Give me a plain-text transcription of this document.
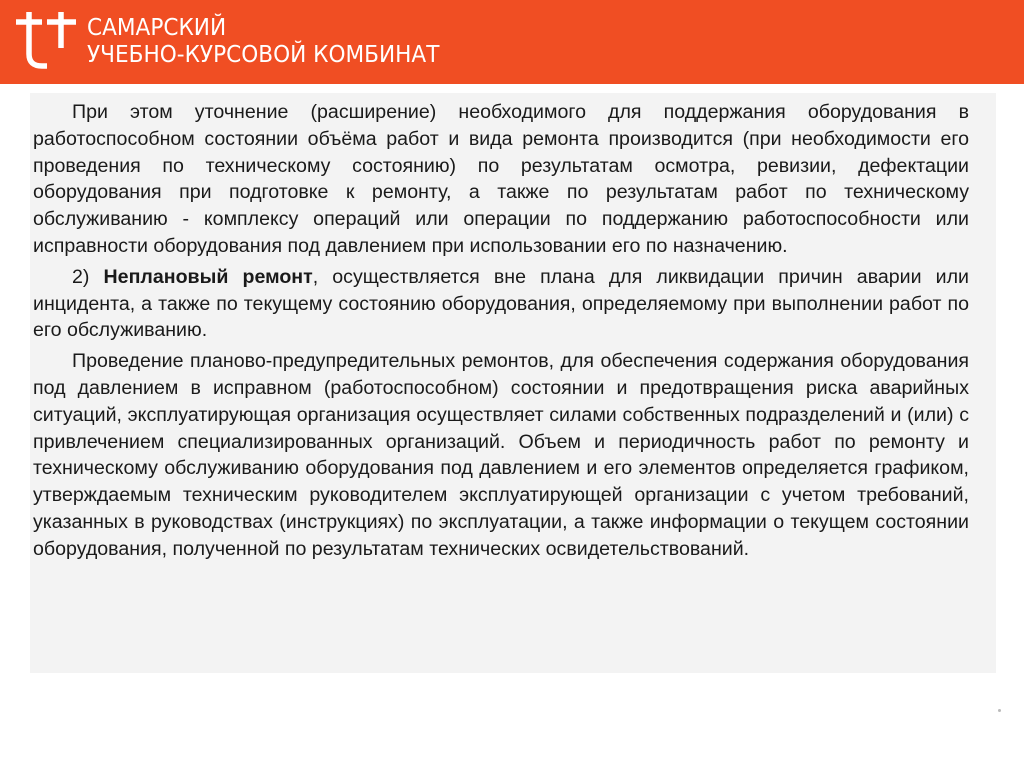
САМАРСКИЙ
УЧЕБНО-КУРСОВОЙ КОМБИНАТ

При этом уточнение (расширение) необходимого для поддержания оборудования в работоспособном состоянии объёма работ и вида ремонта производится (при необходимости его проведения по техническому состоянию) по результатам осмотра, ревизии, дефектации оборудования при подготовке к ремонту, а также по результатам работ по техническому обслуживанию - комплексу операций или операции по поддержанию работоспособности или исправности оборудования под давлением при использовании его по назначению.

2) Неплановый ремонт, осуществляется вне плана для ликвидации причин аварии или инцидента, а также по текущему состоянию оборудования, определяемому при выполнении работ по его обслуживанию.

Проведение планово-предупредительных ремонтов, для обеспечения содержания оборудования под давлением в исправном (работоспособном) состоянии и предотвращения риска аварийных ситуаций, эксплуатирующая организация осуществляет силами собственных подразделений и (или) с привлечением специализированных организаций. Объем и периодичность работ по ремонту и техническому обслуживанию оборудования под давлением и его элементов определяется графиком, утверждаемым техническим руководителем эксплуатирующей организации с учетом требований, указанных в руководствах (инструкциях) по эксплуатации, а также информации о текущем состоянии оборудования, полученной по результатам технических освидетельствований.
